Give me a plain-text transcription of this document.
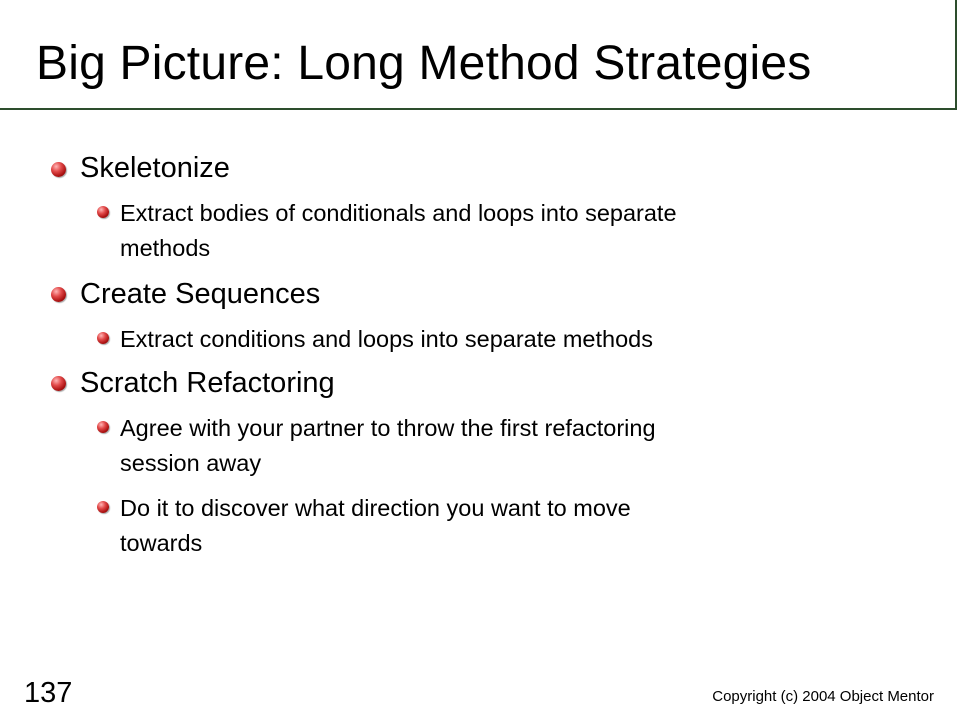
Big Picture: Long Method Strategies
Skeletonize
Extract bodies of conditionals and loops into separate
methods
Create Sequences
Extract conditions and loops into separate methods
Scratch Refactoring
Agree with your partner to throw the first refactoring
session away
Do it to discover what direction you want to move
towards
137	Copyright (c) 2004 Object Mentor
